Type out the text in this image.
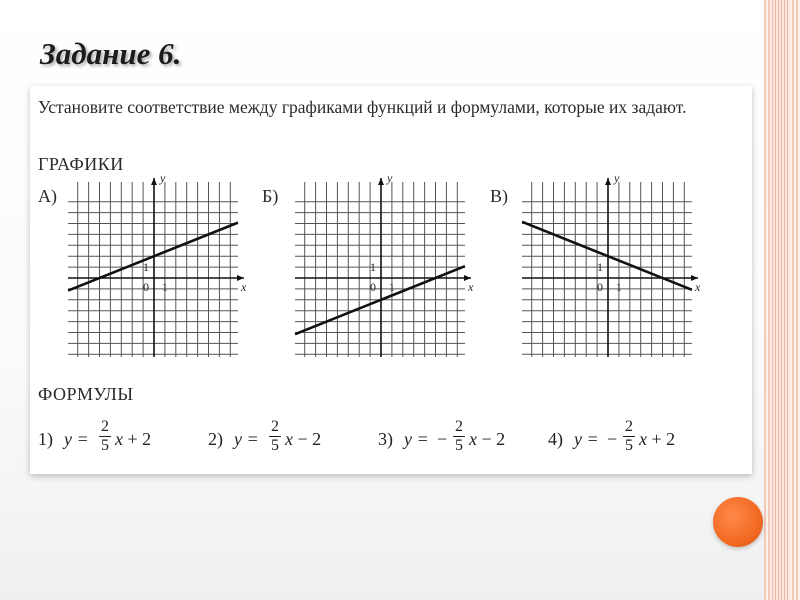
Задание 6.
Установите соответствие между графиками функций и формулами, которые их задают.
ГРАФИКИ
А)	Б)	В)
x
y
0 1
1
x
y
0 1
1
x
y
0 1
1
ФОРМУЛЫ
1) y =
2
5 x + 2	2) y =
2
5 x − 2	3) y = −
2
5 x − 2 4) y = −
2
5 x + 2
